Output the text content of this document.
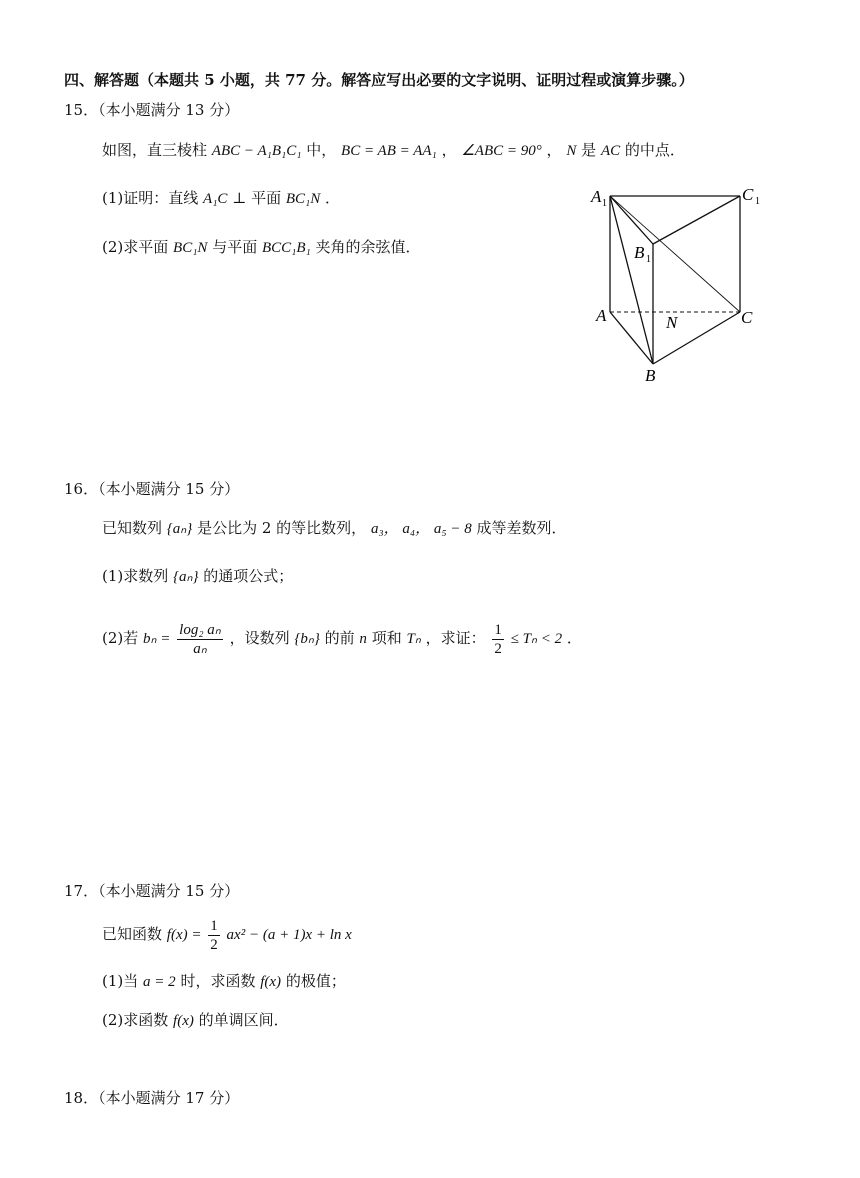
四、解答题（本题共 5 小题，共 77 分。解答应写出必要的文字说明、证明过程或演算步骤。）
15．（本小题满分 13 分）
如图，直三棱柱 ABC − A₁B₁C₁ 中， BC = AB = AA₁ ， ∠ABC = 90° ， N 是 AC 的中点．
(1)证明：直线 A₁C ⊥ 平面 BC₁N ．
(2)求平面 BC₁N 与平面 BCC₁B₁ 夹角的余弦值．
A 1	C 1
B 1
A	N	C
B
16．（本小题满分 15 分）
已知数列 {aₙ} 是公比为 2 的等比数列， a₃， a₄， a₅ − 8 成等差数列．
(1)求数列 {aₙ} 的通项公式；
(2)若 $b_n = \frac{\text{log₂ aₙ}}{\text{aₙ}}$ ，设数列 {bₙ} 的前 n 项和 Tₙ ，求证： $\frac{1}{2} \le T_n < 2$ ．
17．（本小题满分 15 分）
已知函数 $f(x) = \frac{1}{2} ax^2 - (a + 1)x + \ln x$
(1)当 a = 2 时，求函数 f(x) 的极值；
(2)求函数 f(x) 的单调区间．
18．（本小题满分 17 分）
